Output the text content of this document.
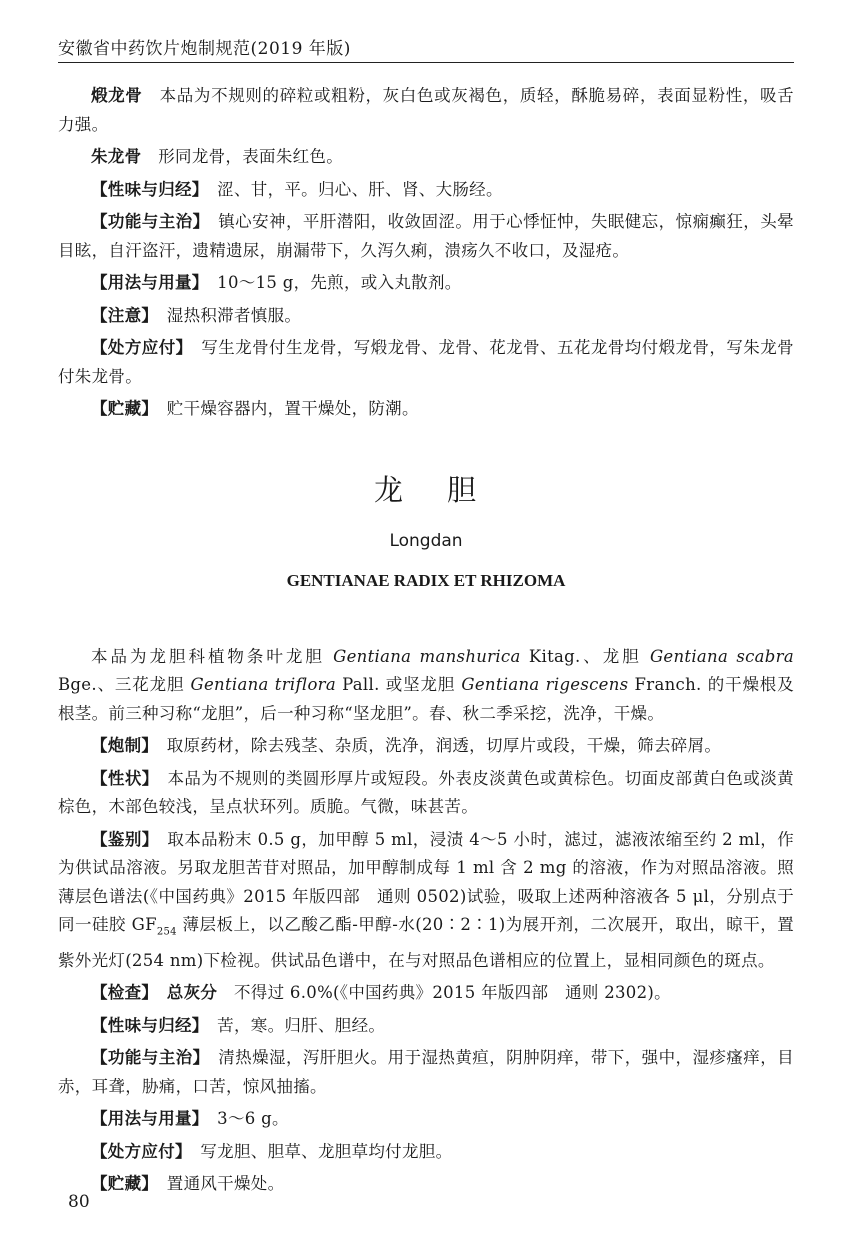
安徽省中药饮片炮制规范(2019 年版)

煅龙骨　 本品为不规则的碎粒或粗粉，灰白色或灰褐色，质轻，酥脆易碎，表面显粉性，吸舌力强。

朱龙骨　 形同龙骨，表面朱红色。

【性味与归经】　 涩、甘，平。归心、肝、肾、大肠经。

【功能与主治】　 镇心安神，平肝潜阳，收敛固涩。用于心悸怔忡，失眠健忘，惊痫癫狂，头晕目眩，自汗盗汗，遗精遗尿，崩漏带下，久泻久痢，溃疡久不收口，及湿疮。

【用法与用量】　 10～15 g，先煎，或入丸散剂。

【注意】　 湿热积滞者慎服。

【处方应付】　 写生龙骨付生龙骨，写煅龙骨、龙骨、花龙骨、五花龙骨均付煅龙骨，写朱龙骨付朱龙骨。

【贮藏】　 贮干燥容器内，置干燥处，防潮。

龙 胆
Longdan
GENTIANAE RADIX ET RHIZOMA

本品为龙胆科植物条叶龙胆 Gentiana manshurica Kitag.、龙胆 Gentiana scabra Bge.、三花龙胆 Gentiana triflora Pall. 或坚龙胆 Gentiana rigescens Franch. 的干燥根及根茎。前三种习称“龙胆”，后一种习称“坚龙胆”。春、秋二季采挖，洗净，干燥。

【炮制】　 取原药材，除去残茎、杂质，洗净，润透，切厚片或段，干燥，筛去碎屑。

【性状】　 本品为不规则的类圆形厚片或短段。外表皮淡黄色或黄棕色。切面皮部黄白色或淡黄棕色，木部色较浅，呈点状环列。质脆。气微，味甚苦。

【鉴别】　 取本品粉末 0.5 g，加甲醇 5 ml，浸渍 4～5 小时，滤过，滤液浓缩至约 2 ml，作为供试品溶液。另取龙胆苦苷对照品，加甲醇制成每 1 ml 含 2 mg 的溶液，作为对照品溶液。照薄层色谱法(《中国药典》2015 年版四部　通则 0502)试验，吸取上述两种溶液各 5 μl，分别点于同一硅胶 $GF_{254}$ 薄层板上，以乙酸乙酯-甲醇-水(20∶2∶1)为展开剂，二次展开，取出，晾干，置紫外光灯(254 nm)下检视。供试品色谱中，在与对照品色谱相应的位置上，显相同颜色的斑点。

【检查】　 总灰分　 不得过 6.0%(《中国药典》2015 年版四部　通则 2302)。

【性味与归经】　 苦，寒。归肝、胆经。

【功能与主治】　 清热燥湿，泻肝胆火。用于湿热黄疸，阴肿阴痒，带下，强中，湿疹瘙痒，目赤，耳聋，胁痛，口苦，惊风抽搐。

【用法与用量】　 3～6 g。

【处方应付】　 写龙胆、胆草、龙胆草均付龙胆。

【贮藏】　 置通风干燥处。

80
